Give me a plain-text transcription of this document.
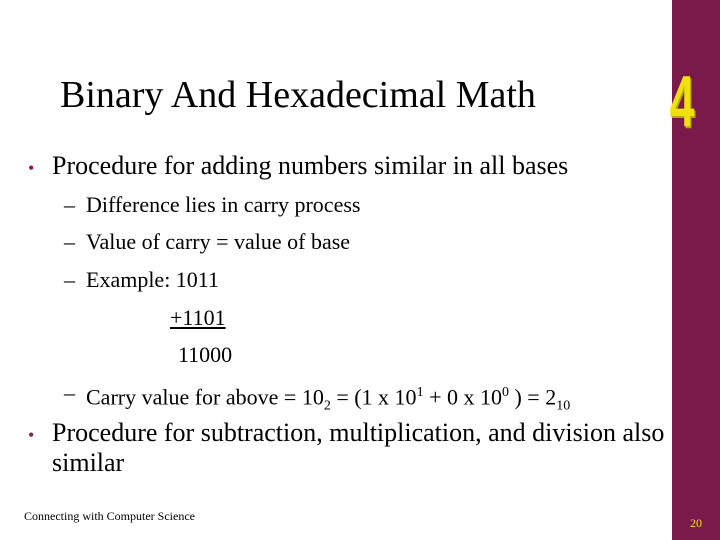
4
Binary And Hexadecimal Math
• Procedure for adding numbers similar in all bases
– Difference lies in carry process
– Value of carry = value of base
– Example: 1011
+1101
11000
– Carry value for above = $10_2 = (1$ x $10^1 + 0$ x $10^0$ ) = $2_{10}$
• Procedure for subtraction, multiplication, and division also similar
Connecting with Computer Science	20
